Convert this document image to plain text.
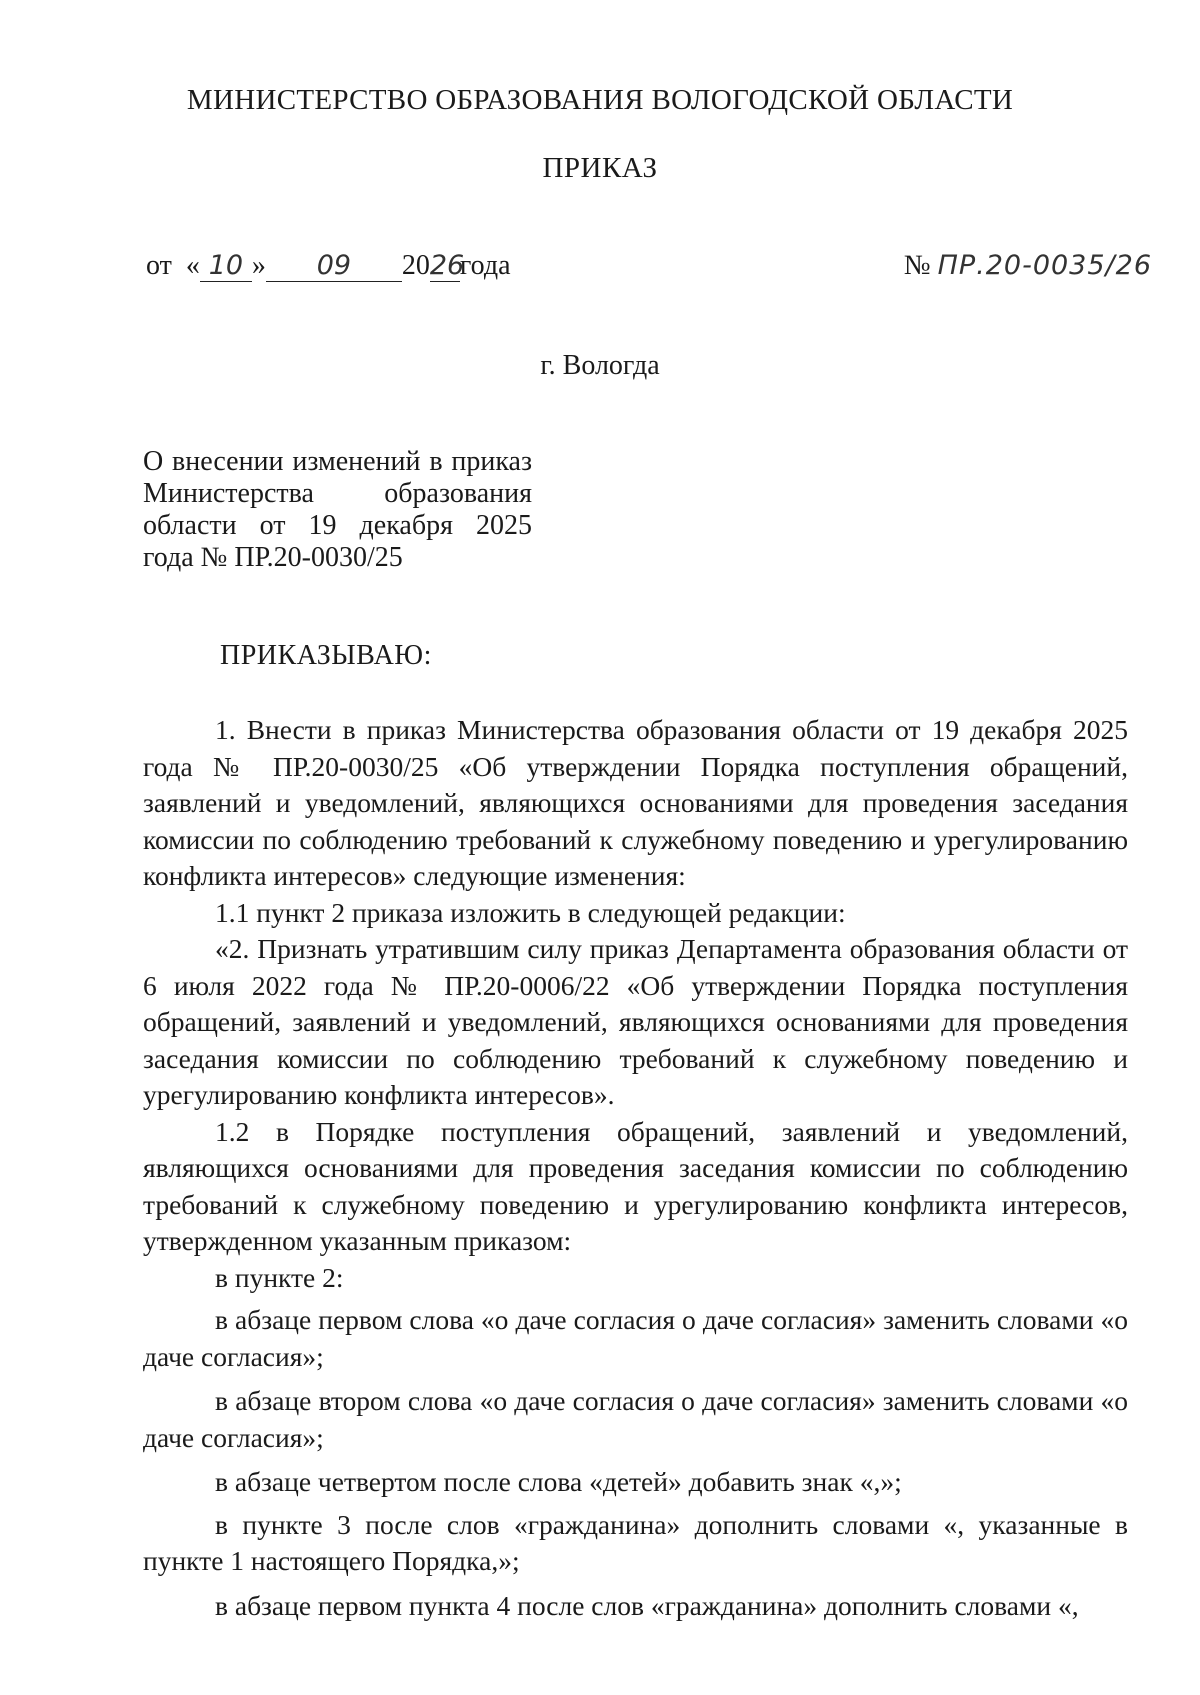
МИНИСТЕРСТВО ОБРАЗОВАНИЯ ВОЛОГОДСКОЙ ОБЛАСТИ
ПРИКАЗ
от « 10 » 09 2026года	№ ПР.20-0035/26
г. Вологда
О внесении изменений в приказ
Министерства образования
области от 19 декабря 2025
года № ПР.20-0030/25
ПРИКАЗЫВАЮ:

1. Внести в приказ Министерства образования области от 19 декабря 2025 года № ПР.20-0030/25 «Об утверждении Порядка поступления обращений, заявлений и уведомлений, являющихся основаниями для проведения заседания комиссии по соблюдению требований к служебному поведению и урегулированию конфликта интересов» следующие изменения:

1.1 пункт 2 приказа изложить в следующей редакции:

«2. Признать утратившим силу приказ Департамента образования области от 6 июля 2022 года № ПР.20-0006/22 «Об утверждении Порядка поступления обращений, заявлений и уведомлений, являющихся основаниями для проведения заседания комиссии по соблюдению требований к служебному поведению и урегулированию конфликта интересов».

1.2 в Порядке поступления обращений, заявлений и уведомлений, являющихся основаниями для проведения заседания комиссии по соблюдению требований к служебному поведению и урегулированию конфликта интересов, утвержденном указанным приказом:

в пункте 2:

в абзаце первом слова «о даче согласия о даче согласия» заменить словами «о даче согласия»;

в абзаце втором слова «о даче согласия о даче согласия» заменить словами «о даче согласия»;

в абзаце четвертом после слова «детей» добавить знак «,»;

в пункте 3 после слов «гражданина» дополнить словами «, указанные в пункте 1 настоящего Порядка,»;

в абзаце первом пункта 4 после слов «гражданина» дополнить словами «,
